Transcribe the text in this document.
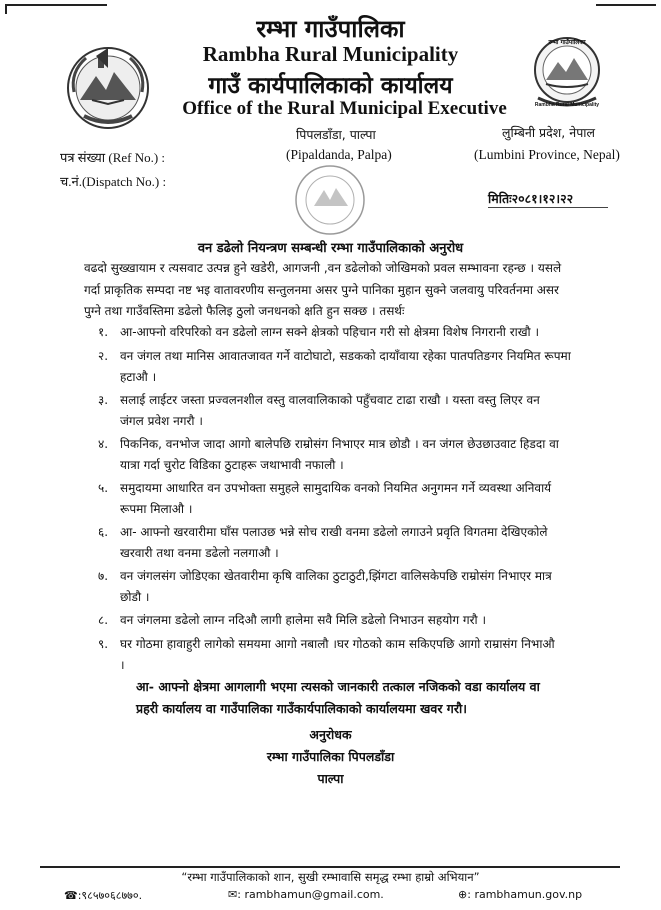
रम्भा गाउँपालिका
Rambha Rural Municipality
रम्भा गाउँपालिका
Rambha Rural Municipality
गाउँ कार्यपालिकाको कार्यालय
Office of the Rural Municipal Executive
पिपलडाँडा, पाल्पा	लुम्बिनी प्रदेश, नेपाल
पत्र संख्या (Ref No.) :	(Pipaldanda, Palpa)	(Lumbini Province, Nepal)
च.नं.(Dispatch No.) :
मितिः२०८१।१२।२२
वन डढेलो नियन्त्रण सम्बन्धी रम्भा गाउँपालिकाको अनुरोध
वढदो सुख्खायाम र त्यसवाट उत्पन्न हुने खडेरी, आगजनी ,वन डढेलोको जोखिमको प्रवल सम्भावना रहन्छ । यसले
गर्दा प्राकृतिक सम्पदा नष्ट भइ वातावरणीय सन्तुलनमा असर पुग्ने पानिका मुहान सुक्ने जलवायु परिवर्तनमा असर
पुग्ने तथा गाउँवस्तिमा डढेलो फैलिइ ठुलो जनधनको क्षति हुन सक्छ । तसर्थः
१. आ-आफ्नो वरिपरिको वन डढेलो लाग्न सक्ने क्षेत्रको पहिचान गरी सो क्षेत्रमा विशेष निगरानी राखौ ।
२. वन जंगल तथा मानिस आवातजावत गर्ने वाटोघाटो, सडकको दायाँवाया रहेका पातपतिङगर नियमित रूपमा
हटाऔ ।
३. सलाई लाईटर जस्ता प्रज्वलनशील वस्तु वालवालिकाको पहुँचवाट टाढा राखौ । यस्ता वस्तु लिएर वन
जंगल प्रवेश नगरौ ।
४. पिकनिक, वनभोज जादा आगो बालेपछि राम्रोसंग निभाएर मात्र छोडौ । वन जंगल छेउछाउवाट हिडदा वा
यात्रा गर्दा चुरोट विडिका ठुटाहरू जथाभावी नफालौ ।
५. समुदायमा आधारित वन उपभोक्ता समुहले सामुदायिक वनको नियमित अनुगमन गर्ने व्यवस्था अनिवार्य
रूपमा मिलाऔ ।
६. आ- आफ्नो खरवारीमा घाँस पलाउछ भन्ने सोच राखी वनमा डढेलो लगाउने प्रवृति विगतमा देखिएकोले
खरवारी तथा वनमा डढेलो नलगाऔ ।
७. वन जंगलसंग जोडिएका खेतवारीमा कृषि वालिका ठुटाठुटी,झिंगटा वालिसकेपछि राम्रोसंग निभाएर मात्र
छोडौ ।
८. वन जंगलमा डढेलो लाग्न नदिऔ लागी हालेमा सवै मिलि डढेलो निभाउन सहयोग गरौ ।
९. घर गोठमा हावाहुरी लागेको समयमा आगो नबालौ ।घर गोठको काम सकिएपछि आगो राम्रासंग निभाऔ
।
आ- आफ्नो क्षेत्रमा आगलागी भएमा त्यसको जानकारी तत्काल नजिकको वडा कार्यालय वा
प्रहरी कार्यालय वा गाउँपालिका गाउँकार्यपालिकाको कार्यालयमा खवर गरौ।
अनुरोधक
रम्भा गाउँपालिका पिपलडाँडा
पाल्पा
“रम्भा गाउँपालिकाको शान, सुखी रम्भावासि समृद्ध रम्भा हाम्रो अभियान”
☎:९८५७०६८७७०.	✉: rambhamun@gmail.com.	⊕: rambhamun.gov.np
